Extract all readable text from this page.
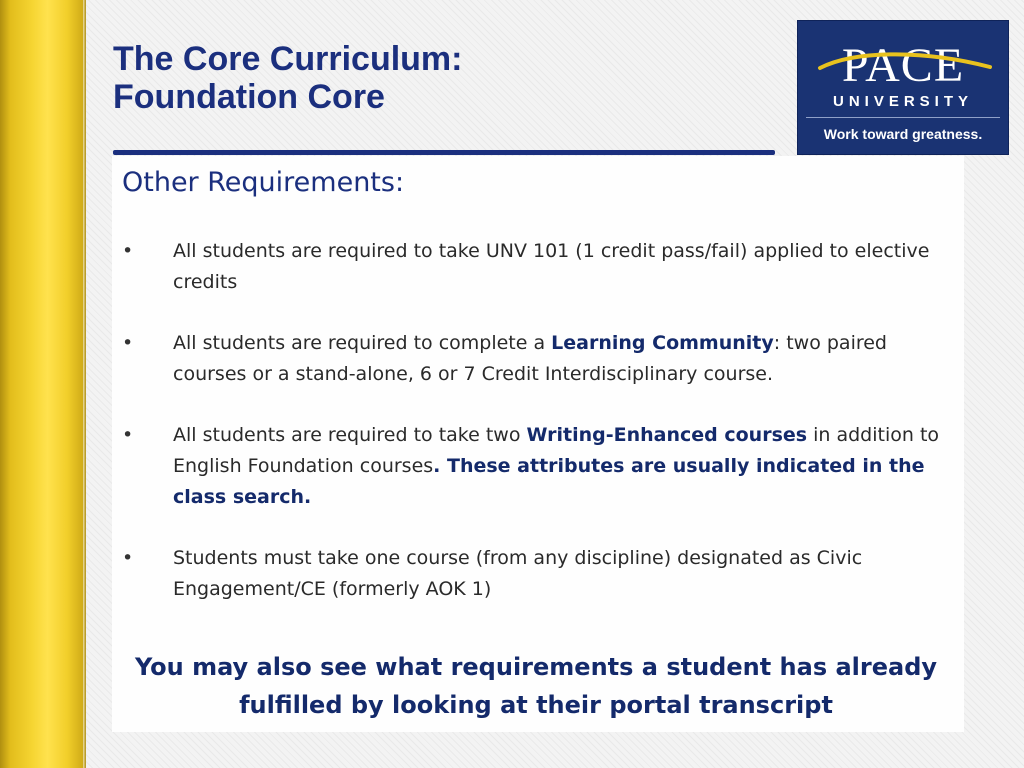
The Core Curriculum:
Foundation Core
PACE
UNIVERSITY
Work toward greatness.
Other Requirements:
•	All students are required to take UNV 101 (1 credit pass/fail) applied to elective credits
•	All students are required to complete a Learning Community: two paired courses or a stand-alone, 6 or 7 Credit Interdisciplinary course.
•	All students are required to take two Writing-Enhanced courses in addition to English Foundation courses. These attributes are usually indicated in the class search.
•	Students must take one course (from any discipline) designated as Civic Engagement/CE (formerly AOK 1)

You may also see what requirements a student has already fulfilled by looking at their portal transcript
